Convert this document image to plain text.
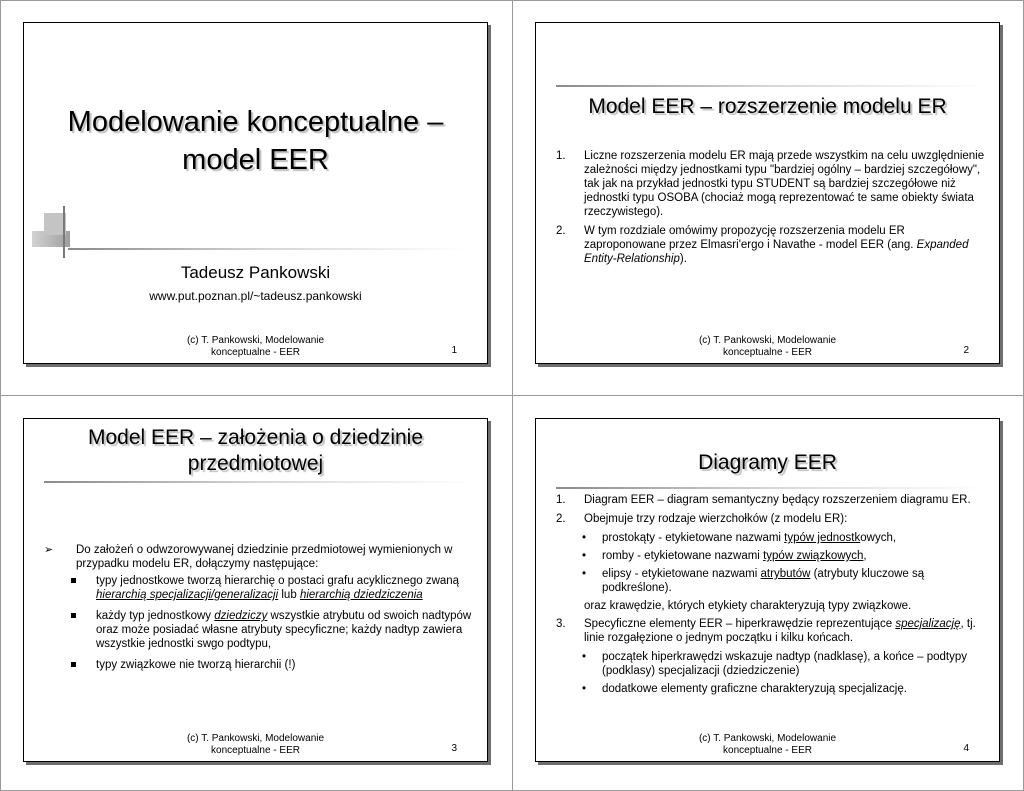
Modelowanie konceptualne –
model EER
Tadeusz Pankowski
www.put.poznan.pl/~tadeusz.pankowski
(c) T. Pankowski, Modelowanie
konceptualne - EER	1
Model EER – rozszerzenie modelu ER
1. Liczne rozszerzenia modelu ER mają przede wszystkim na celu uwzględnienie zależności między jednostkami typu "bardziej ogólny – bardziej szczegółowy", tak jak na przykład jednostki typu STUDENT są bardziej szczegółowe niż jednostki typu OSOBA (chociaż mogą reprezentować te same obiekty świata rzeczywistego).
2. W tym rozdziale omówimy propozycję rozszerzenia modelu ER zaproponowane przez Elmasri'ergo i Navathe - model EER (ang. Expanded Entity-Relationship).
(c) T. Pankowski, Modelowanie
konceptualne - EER	2
Model EER – założenia o dziedzinie
przedmiotowej
➢ Do założeń o odwzorowywanej dziedzinie przedmiotowej wymienionych w przypadku modelu ER, dołączymy następujące:
typy jednostkowe tworzą hierarchię o postaci grafu acyklicznego zwaną hierarchią specjalizacji/generalizacji lub hierarchią dziedziczenia
każdy typ jednostkowy dziedziczy wszystkie atrybutu od swoich nadtypów oraz może posiadać własne atrybuty specyficzne; każdy nadtyp zawiera wszystkie jednostki swgo podtypu,
typy związkowe nie tworzą hierarchii (!)
(c) T. Pankowski, Modelowanie
konceptualne - EER	3
Diagramy EER
1. Diagram EER – diagram semantyczny będący rozszerzeniem diagramu ER.
2. Obejmuje trzy rodzaje wierzchołków (z modelu ER):
• prostokąty - etykietowane nazwami typów jednostkowych,
• romby - etykietowane nazwami typów związkowych,
• elipsy - etykietowane nazwami atrybutów (atrybuty kluczowe są podkreślone).
oraz krawędzie, których etykiety charakteryzują typy związkowe.
3. Specyficzne elementy EER – hiperkrawędzie reprezentujące specjalizację, tj. linie rozgałęzione o jednym początku i kilku końcach.
• początek hiperkrawędzi wskazuje nadtyp (nadklasę), a końce – podtypy (podklasy) specjalizacji (dziedziczenie)
• dodatkowe elementy graficzne charakteryzują specjalizację.
(c) T. Pankowski, Modelowanie
konceptualne - EER	4
